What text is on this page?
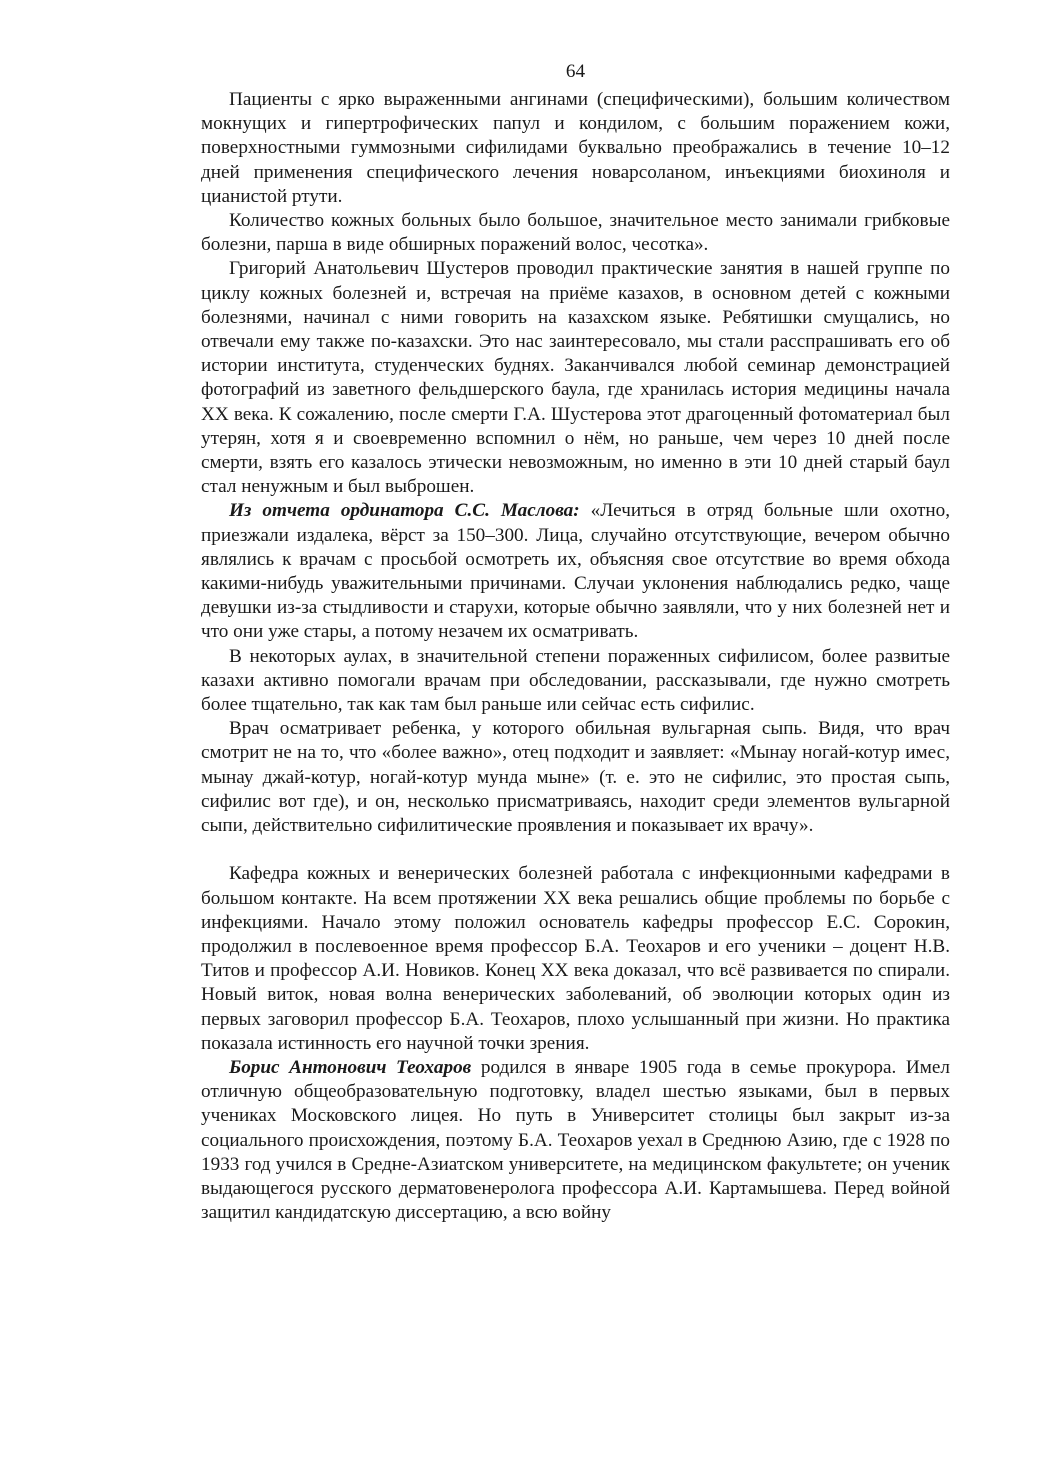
64

Пациенты с ярко выраженными ангинами (специфическими), большим количеством мокнущих и гипертрофических папул и кондилом, с большим поражением кожи, поверхностными гуммозными сифилидами буквально преображались в течение 10–12 дней применения специфического лечения новарсоланом, инъекциями биохиноля и цианистой ртути.

Количество кожных больных было большое, значительное место занимали грибковые болезни, парша в виде обширных поражений волос, чесотка».

Григорий Анатольевич Шустеров проводил практические занятия в нашей группе по циклу кожных болезней и, встречая на приёме казахов, в основном детей с кожными болезнями, начинал с ними говорить на казахском языке. Ребятишки смущались, но отвечали ему также по-казахски. Это нас заинтересовало, мы стали расспрашивать его об истории института, студенческих буднях. Заканчивался любой семинар демонстрацией фотографий из заветного фельдшерского баула, где хранилась история медицины начала XX века. К сожалению, после смерти Г.А. Шустерова этот драгоценный фотоматериал был утерян, хотя я и своевременно вспомнил о нём, но раньше, чем через 10 дней после смерти, взять его казалось этически невозможным, но именно в эти 10 дней старый баул стал ненужным и был выброшен.

Из отчета ординатора С.С. Маслова: «Лечиться в отряд больные шли охотно, приезжали издалека, вёрст за 150–300. Лица, случайно отсутствующие, вечером обычно являлись к врачам с просьбой осмотреть их, объясняя свое отсутствие во время обхода какими-нибудь уважительными причинами. Случаи уклонения наблюдались редко, чаще девушки из-за стыдливости и старухи, которые обычно заявляли, что у них болезней нет и что они уже стары, а потому незачем их осматривать.

В некоторых аулах, в значительной степени пораженных сифилисом, более развитые казахи активно помогали врачам при обследовании, рассказывали, где нужно смотреть более тщательно, так как там был раньше или сейчас есть сифилис.

Врач осматривает ребенка, у которого обильная вульгарная сыпь. Видя, что врач смотрит не на то, что «более важно», отец подходит и заявляет: «Мынау ногай-котур имес, мынау джай-котур, ногай-котур мунда мыне» (т. е. это не сифилис, это простая сыпь, сифилис вот где), и он, несколько присматриваясь, находит среди элементов вульгарной сыпи, действительно сифилитические проявления и показывает их врачу».

Кафедра кожных и венерических болезней работала с инфекционными кафедрами в большом контакте. На всем протяжении XX века решались общие проблемы по борьбе с инфекциями. Начало этому положил основатель кафедры профессор Е.С. Сорокин, продолжил в послевоенное время профессор Б.А. Теохаров и его ученики – доцент Н.В. Титов и профессор А.И. Новиков. Конец XX века доказал, что всё развивается по спирали. Новый виток, новая волна венерических заболеваний, об эволюции которых один из первых заговорил профессор Б.А. Теохаров, плохо услышанный при жизни. Но практика показала истинность его научной точки зрения.

Борис Антонович Теохаров родился в январе 1905 года в семье прокурора. Имел отличную общеобразовательную подготовку, владел шестью языками, был в первых учениках Московского лицея. Но путь в Университет столицы был закрыт из-за социального происхождения, поэтому Б.А. Теохаров уехал в Среднюю Азию, где с 1928 по 1933 год учился в Средне-Азиатском университете, на медицинском факультете; он ученик выдающегося русского дерматовенеролога профессора А.И. Картамышева. Перед войной защитил кандидатскую диссертацию, а всю войну
